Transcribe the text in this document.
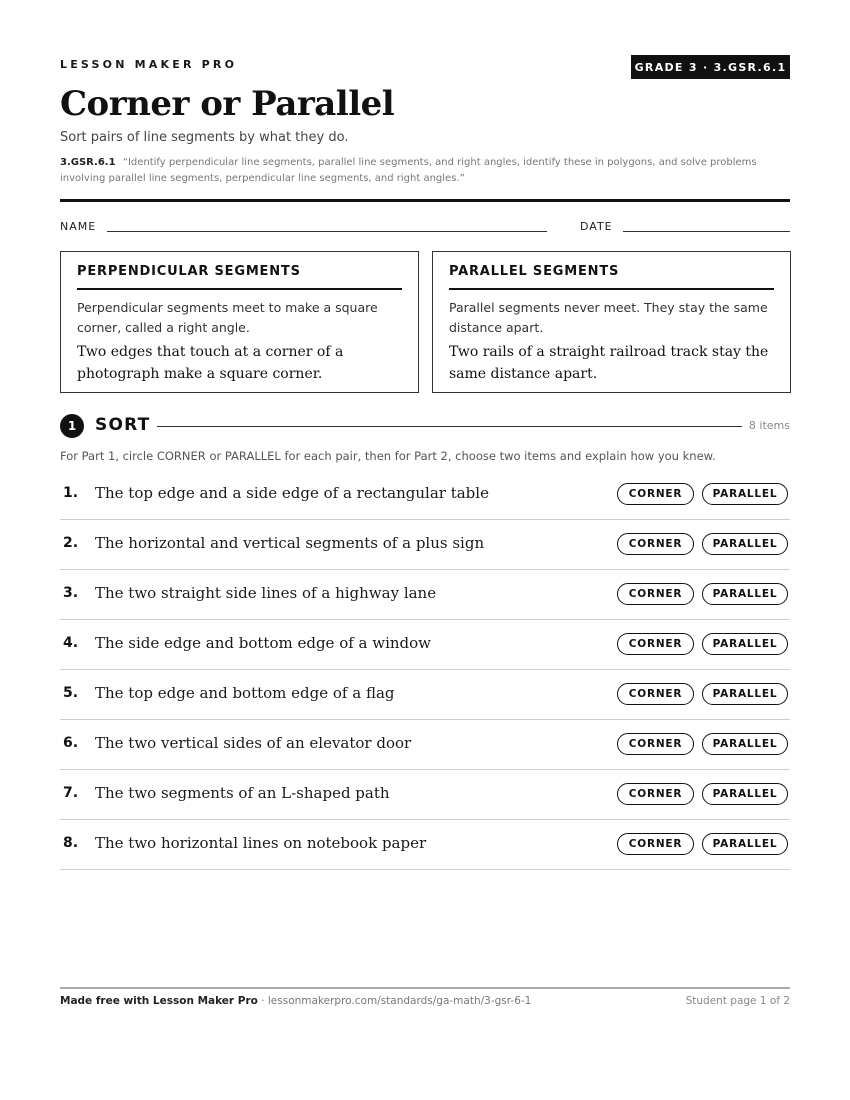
LESSON MAKER PRO	GRADE 3 · 3.GSR.6.1
Corner or Parallel
Sort pairs of line segments by what they do.
3.GSR.6.1 “Identify perpendicular line segments, parallel line segments, and right angles, identify these in polygons, and solve problems involving parallel line segments, perpendicular line segments, and right angles.”
NAME	DATE
PERPENDICULAR SEGMENTS
Perpendicular segments meet to make a square corner, called a right angle.
Two edges that touch at a corner of a photograph make a square corner.
PARALLEL SEGMENTS
Parallel segments never meet. They stay the same distance apart.
Two rails of a straight railroad track stay the same distance apart.
1	SORT	8 items
For Part 1, circle CORNER or PARALLEL for each pair, then for Part 2, choose two items and explain how you knew.
1. The top edge and a side edge of a rectangular table	CORNER	PARALLEL
2. The horizontal and vertical segments of a plus sign	CORNER	PARALLEL
3. The two straight side lines of a highway lane	CORNER	PARALLEL
4. The side edge and bottom edge of a window	CORNER	PARALLEL
5. The top edge and bottom edge of a flag	CORNER	PARALLEL
6. The two vertical sides of an elevator door	CORNER	PARALLEL
7. The two segments of an L-shaped path	CORNER	PARALLEL
8. The two horizontal lines on notebook paper	CORNER	PARALLEL
Made free with Lesson Maker Pro · lessonmakerpro.com/standards/ga-math/3-gsr-6-1	Student page 1 of 2
